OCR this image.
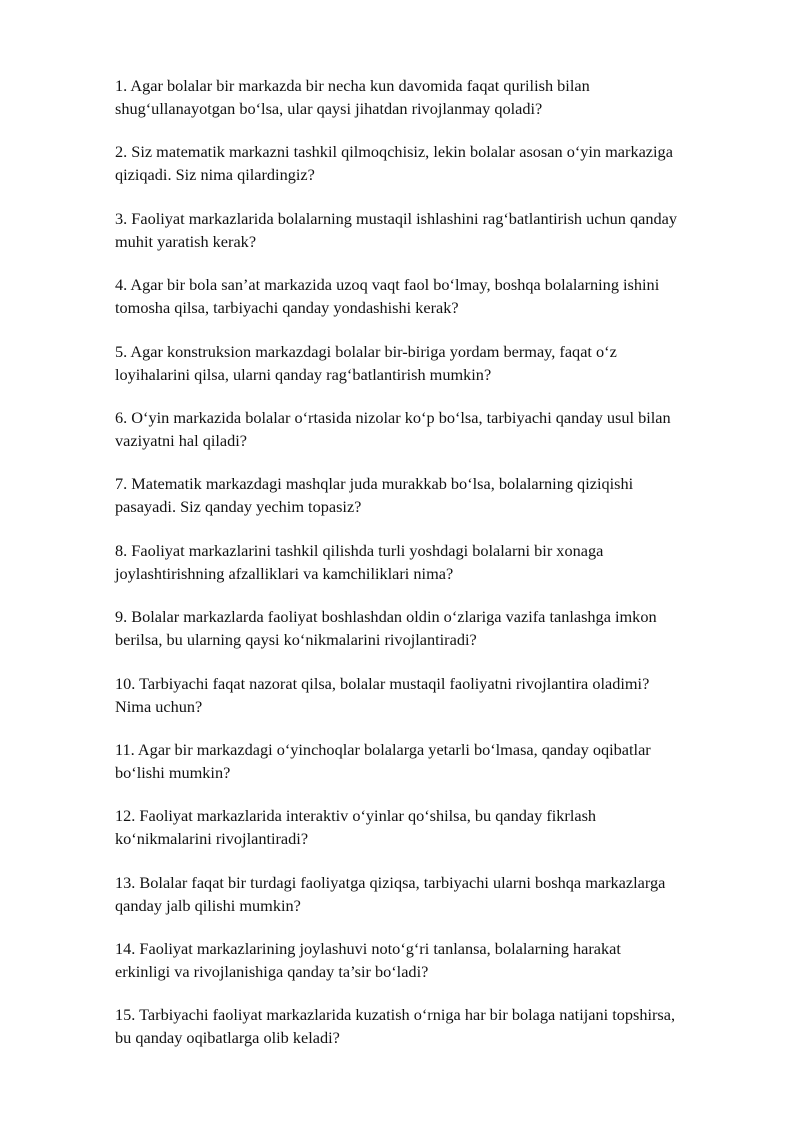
1. Agar bolalar bir markazda bir necha kun davomida faqat qurilish bilan
shug‘ullanayotgan bo‘lsa, ular qaysi jihatdan rivojlanmay qoladi?
2. Siz matematik markazni tashkil qilmoqchisiz, lekin bolalar asosan o‘yin markaziga
qiziqadi. Siz nima qilardingiz?
3. Faoliyat markazlarida bolalarning mustaqil ishlashini rag‘batlantirish uchun qanday
muhit yaratish kerak?
4. Agar bir bola san’at markazida uzoq vaqt faol bo‘lmay, boshqa bolalarning ishini
tomosha qilsa, tarbiyachi qanday yondashishi kerak?
5. Agar konstruksion markazdagi bolalar bir-biriga yordam bermay, faqat o‘z
loyihalarini qilsa, ularni qanday rag‘batlantirish mumkin?
6. O‘yin markazida bolalar o‘rtasida nizolar ko‘p bo‘lsa, tarbiyachi qanday usul bilan
vaziyatni hal qiladi?
7. Matematik markazdagi mashqlar juda murakkab bo‘lsa, bolalarning qiziqishi
pasayadi. Siz qanday yechim topasiz?
8. Faoliyat markazlarini tashkil qilishda turli yoshdagi bolalarni bir xonaga
joylashtirishning afzalliklari va kamchiliklari nima?
9. Bolalar markazlarda faoliyat boshlashdan oldin o‘zlariga vazifa tanlashga imkon
berilsa, bu ularning qaysi ko‘nikmalarini rivojlantiradi?
10. Tarbiyachi faqat nazorat qilsa, bolalar mustaqil faoliyatni rivojlantira oladimi?
Nima uchun?
11. Agar bir markazdagi o‘yinchoqlar bolalarga yetarli bo‘lmasa, qanday oqibatlar
bo‘lishi mumkin?
12. Faoliyat markazlarida interaktiv o‘yinlar qo‘shilsa, bu qanday fikrlash
ko‘nikmalarini rivojlantiradi?
13. Bolalar faqat bir turdagi faoliyatga qiziqsa, tarbiyachi ularni boshqa markazlarga
qanday jalb qilishi mumkin?
14. Faoliyat markazlarining joylashuvi noto‘g‘ri tanlansa, bolalarning harakat
erkinligi va rivojlanishiga qanday ta’sir bo‘ladi?
15. Tarbiyachi faoliyat markazlarida kuzatish o‘rniga har bir bolaga natijani topshirsa,
bu qanday oqibatlarga olib keladi?
